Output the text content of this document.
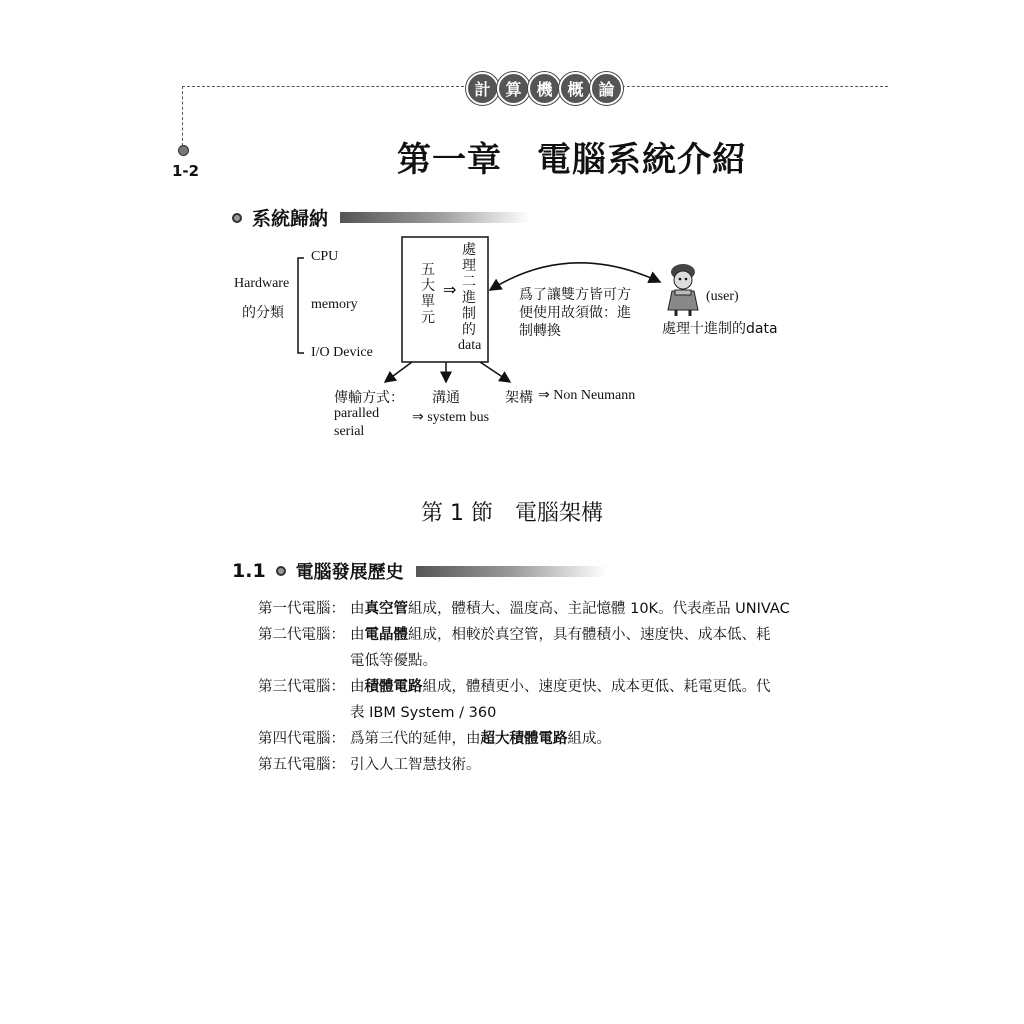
計 算 機 概 論
1-2	第一章　電腦系統介紹
系統歸納
Hardware
的分類
CPU
memory
I/O Device
五大單元
⇒
處理二進制的
data
爲了讓雙方皆可方
便使用故須做：進
制轉換
(user)
處理十進制的data
傳輸方式：
paralled
serial
溝通
⇒ system bus
架構 ⇒ Non Neumann
第 1 節　電腦架構
1.1 電腦發展歷史
第一代電腦： 由真空管組成，體積大、溫度高、主記憶體 10K。代表產品 UNIVAC
第二代電腦： 由電晶體組成，相較於真空管，具有體積小、速度快、成本低、耗
電低等優點。
第三代電腦： 由積體電路組成，體積更小、速度更快、成本更低、耗電更低。代
表 IBM System / 360
第四代電腦： 爲第三代的延伸，由超大積體電路組成。
第五代電腦： 引入人工智慧技術。
